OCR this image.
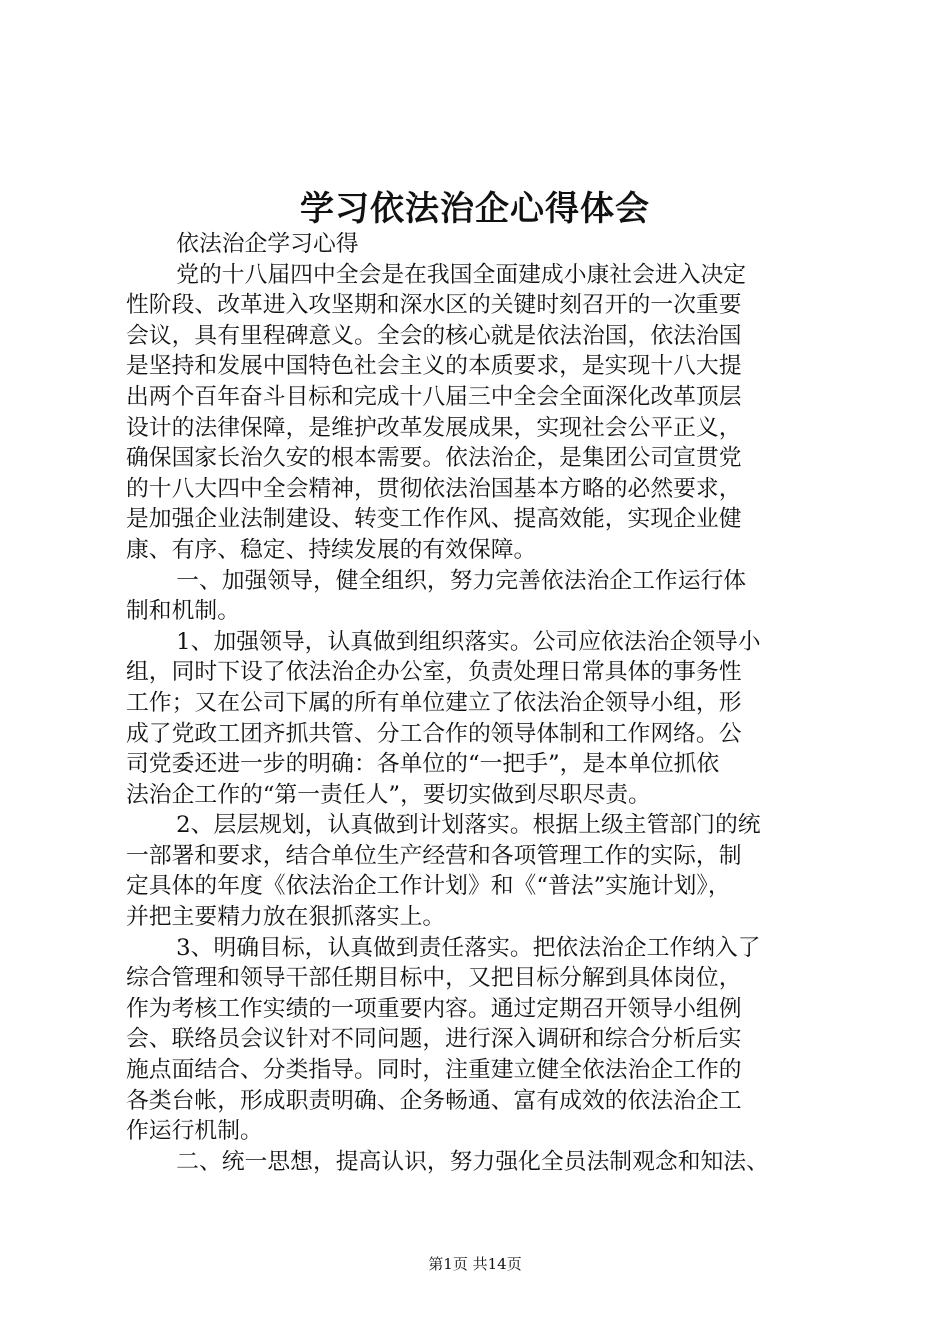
学习依法治企心得体会
依法治企学习心得
党的十八届四中全会是在我国全面建成小康社会进入决定
性阶段、改革进入攻坚期和深水区的关键时刻召开的一次重要
会议，具有里程碑意义。全会的核心就是依法治国，依法治国
是坚持和发展中国特色社会主义的本质要求，是实现十八大提
出两个百年奋斗目标和完成十八届三中全会全面深化改革顶层
设计的法律保障，是维护改革发展成果，实现社会公平正义，
确保国家长治久安的根本需要。依法治企，是集团公司宣贯党
的十八大四中全会精神，贯彻依法治国基本方略的必然要求，
是加强企业法制建设、转变工作作风、提高效能，实现企业健
康、有序、稳定、持续发展的有效保障。
一、加强领导，健全组织，努力完善依法治企工作运行体
制和机制。
1、加强领导，认真做到组织落实。公司应依法治企领导小
组，同时下设了依法治企办公室，负责处理日常具体的事务性
工作；又在公司下属的所有单位建立了依法治企领导小组，形
成了党政工团齐抓共管、分工合作的领导体制和工作网络。公
司党委还进一步的明确：各单位的“一把手”，是本单位抓依
法治企工作的“第一责任人”，要切实做到尽职尽责。
2、层层规划，认真做到计划落实。根据上级主管部门的统
一部署和要求，结合单位生产经营和各项管理工作的实际，制
定具体的年度《依法治企工作计划》和《“普法”实施计划》，
并把主要精力放在狠抓落实上。
3、明确目标，认真做到责任落实。把依法治企工作纳入了
综合管理和领导干部任期目标中，又把目标分解到具体岗位，
作为考核工作实绩的一项重要内容。通过定期召开领导小组例
会、联络员会议针对不同问题，进行深入调研和综合分析后实
施点面结合、分类指导。同时，注重建立健全依法治企工作的
各类台帐，形成职责明确、企务畅通、富有成效的依法治企工
作运行机制。
二、统一思想，提高认识，努力强化全员法制观念和知法、
第1页 共14页
